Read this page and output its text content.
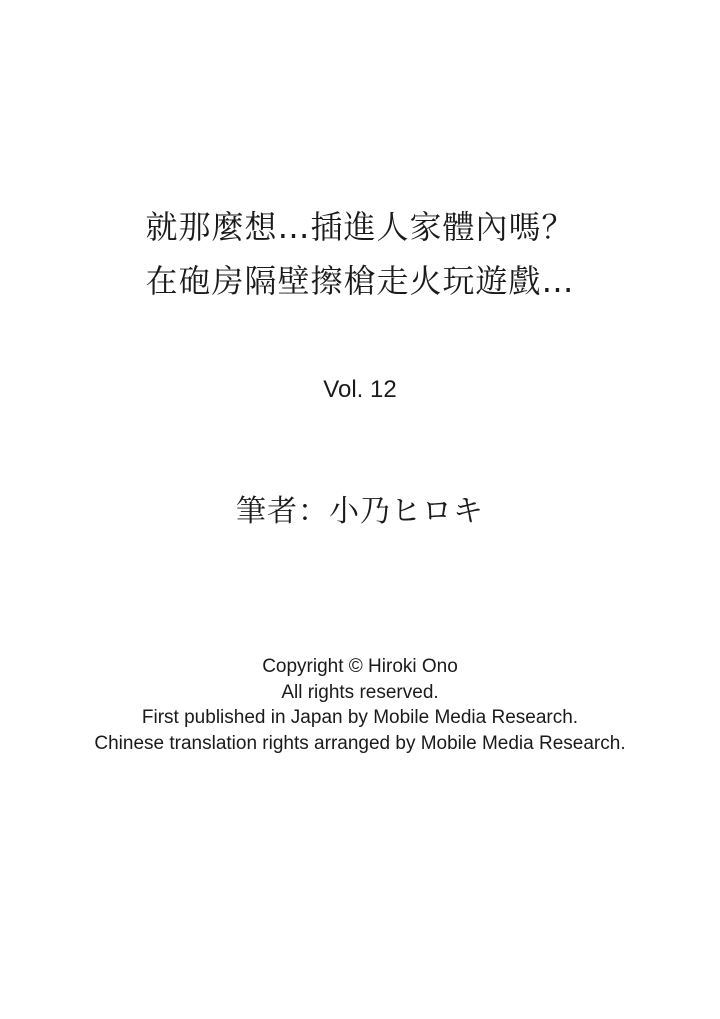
就那麼想…插進人家體內嗎？
在砲房隔壁擦槍走火玩遊戲…
Vol. 12
筆者：小乃ヒロキ
Copyright © Hiroki Ono
All rights reserved.
First published in Japan by Mobile Media Research.
Chinese translation rights arranged by Mobile Media Research.
